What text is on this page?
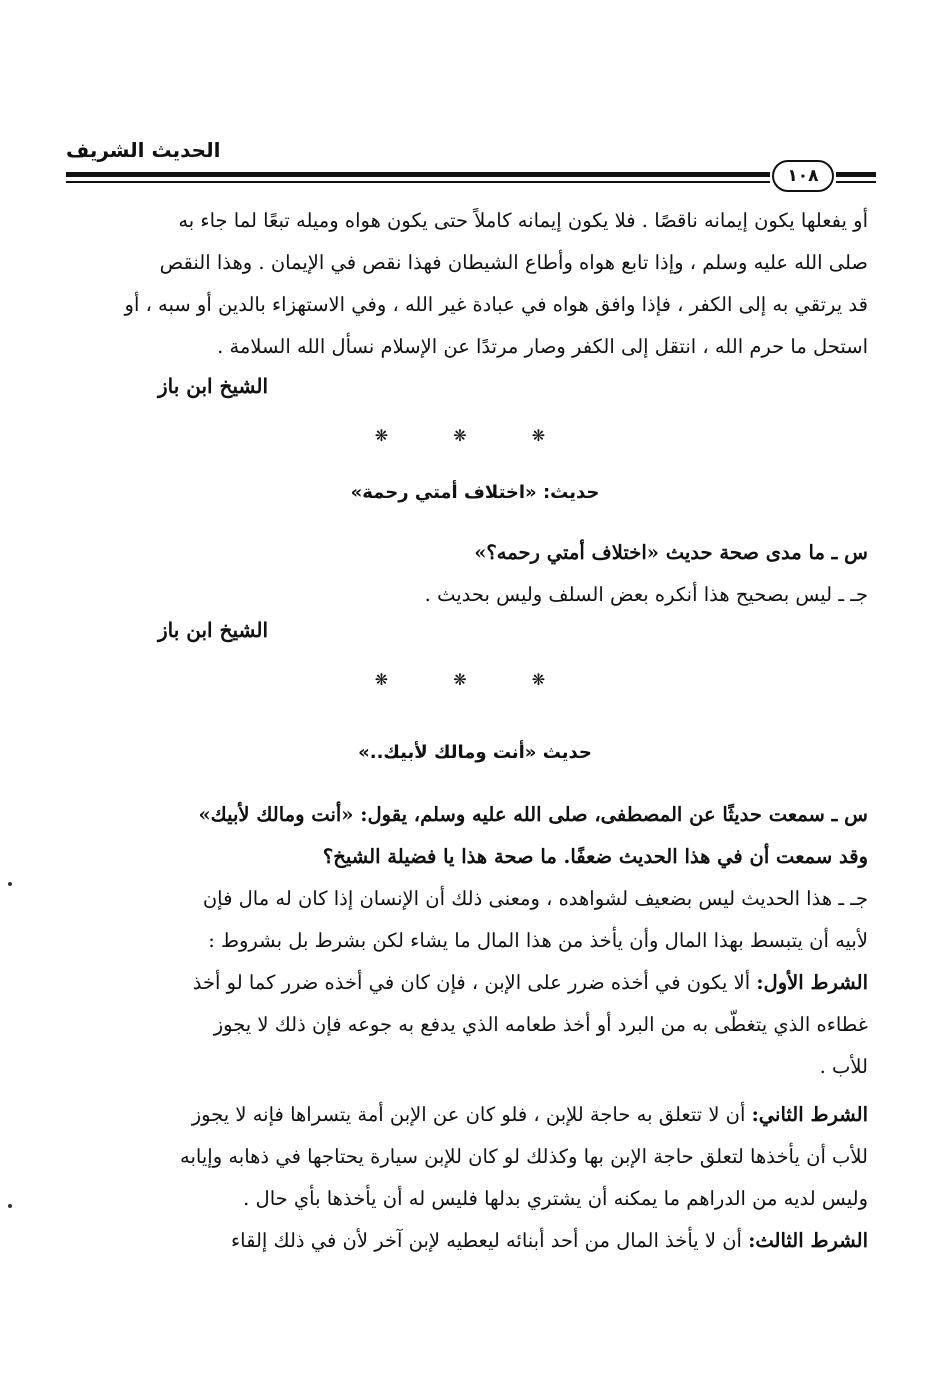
الحديث الشريف
١٠٨
أو يفعلها يكون إيمانه ناقصًا . فلا يكون إيمانه كاملاً حتى يكون هواه وميله تبعًا لما جاء به
صلى الله عليه وسلم ، وإذا تابع هواه وأطاع الشيطان فهذا نقص في الإيمان . وهذا النقص
قد يرتقي به إلى الكفر ، فإذا وافق هواه في عبادة غير الله ، وفي الاستهزاء بالدين أو سبه ، أو
استحل ما حرم الله ، انتقل إلى الكفر وصار مرتدًا عن الإسلام نسأل الله السلامة .
الشيخ ابن باز
❋ ❋ ❋
حديث: «اختلاف أمتي رحمة»
س ـ ما مدى صحة حديث «اختلاف أمتي رحمه؟»
جـ ـ ليس بصحيح هذا أنكره بعض السلف وليس بحديث .
الشيخ ابن باز
❋ ❋ ❋
حديث «أنت ومالك لأبيك..»
س ـ سمعت حديثًا عن المصطفى، صلى الله عليه وسلم، يقول: «أنت ومالك لأبيك»
وقد سمعت أن في هذا الحديث ضعفًا. ما صحة هذا يا فضيلة الشيخ؟
جـ ـ هذا الحديث ليس بضعيف لشواهده ، ومعنى ذلك أن الإنسان إذا كان له مال فإن
لأبيه أن يتبسط بهذا المال وأن يأخذ من هذا المال ما يشاء لكن بشرط بل بشروط :
الشرط الأول: ألا يكون في أخذه ضرر على الإبن ، فإن كان في أخذه ضرر كما لو أخذ
غطاءه الذي يتغطّى به من البرد أو أخذ طعامه الذي يدفع به جوعه فإن ذلك لا يجوز
للأب .
الشرط الثاني: أن لا تتعلق به حاجة للإبن ، فلو كان عن الإبن أمة يتسراها فإنه لا يجوز
للأب أن يأخذها لتعلق حاجة الإبن بها وكذلك لو كان للإبن سيارة يحتاجها في ذهابه وإيابه
وليس لديه من الدراهم ما يمكنه أن يشتري بدلها فليس له أن يأخذها بأي حال .
الشرط الثالث: أن لا يأخذ المال من أحد أبنائه ليعطيه لإبن آخر لأن في ذلك إلقاء
